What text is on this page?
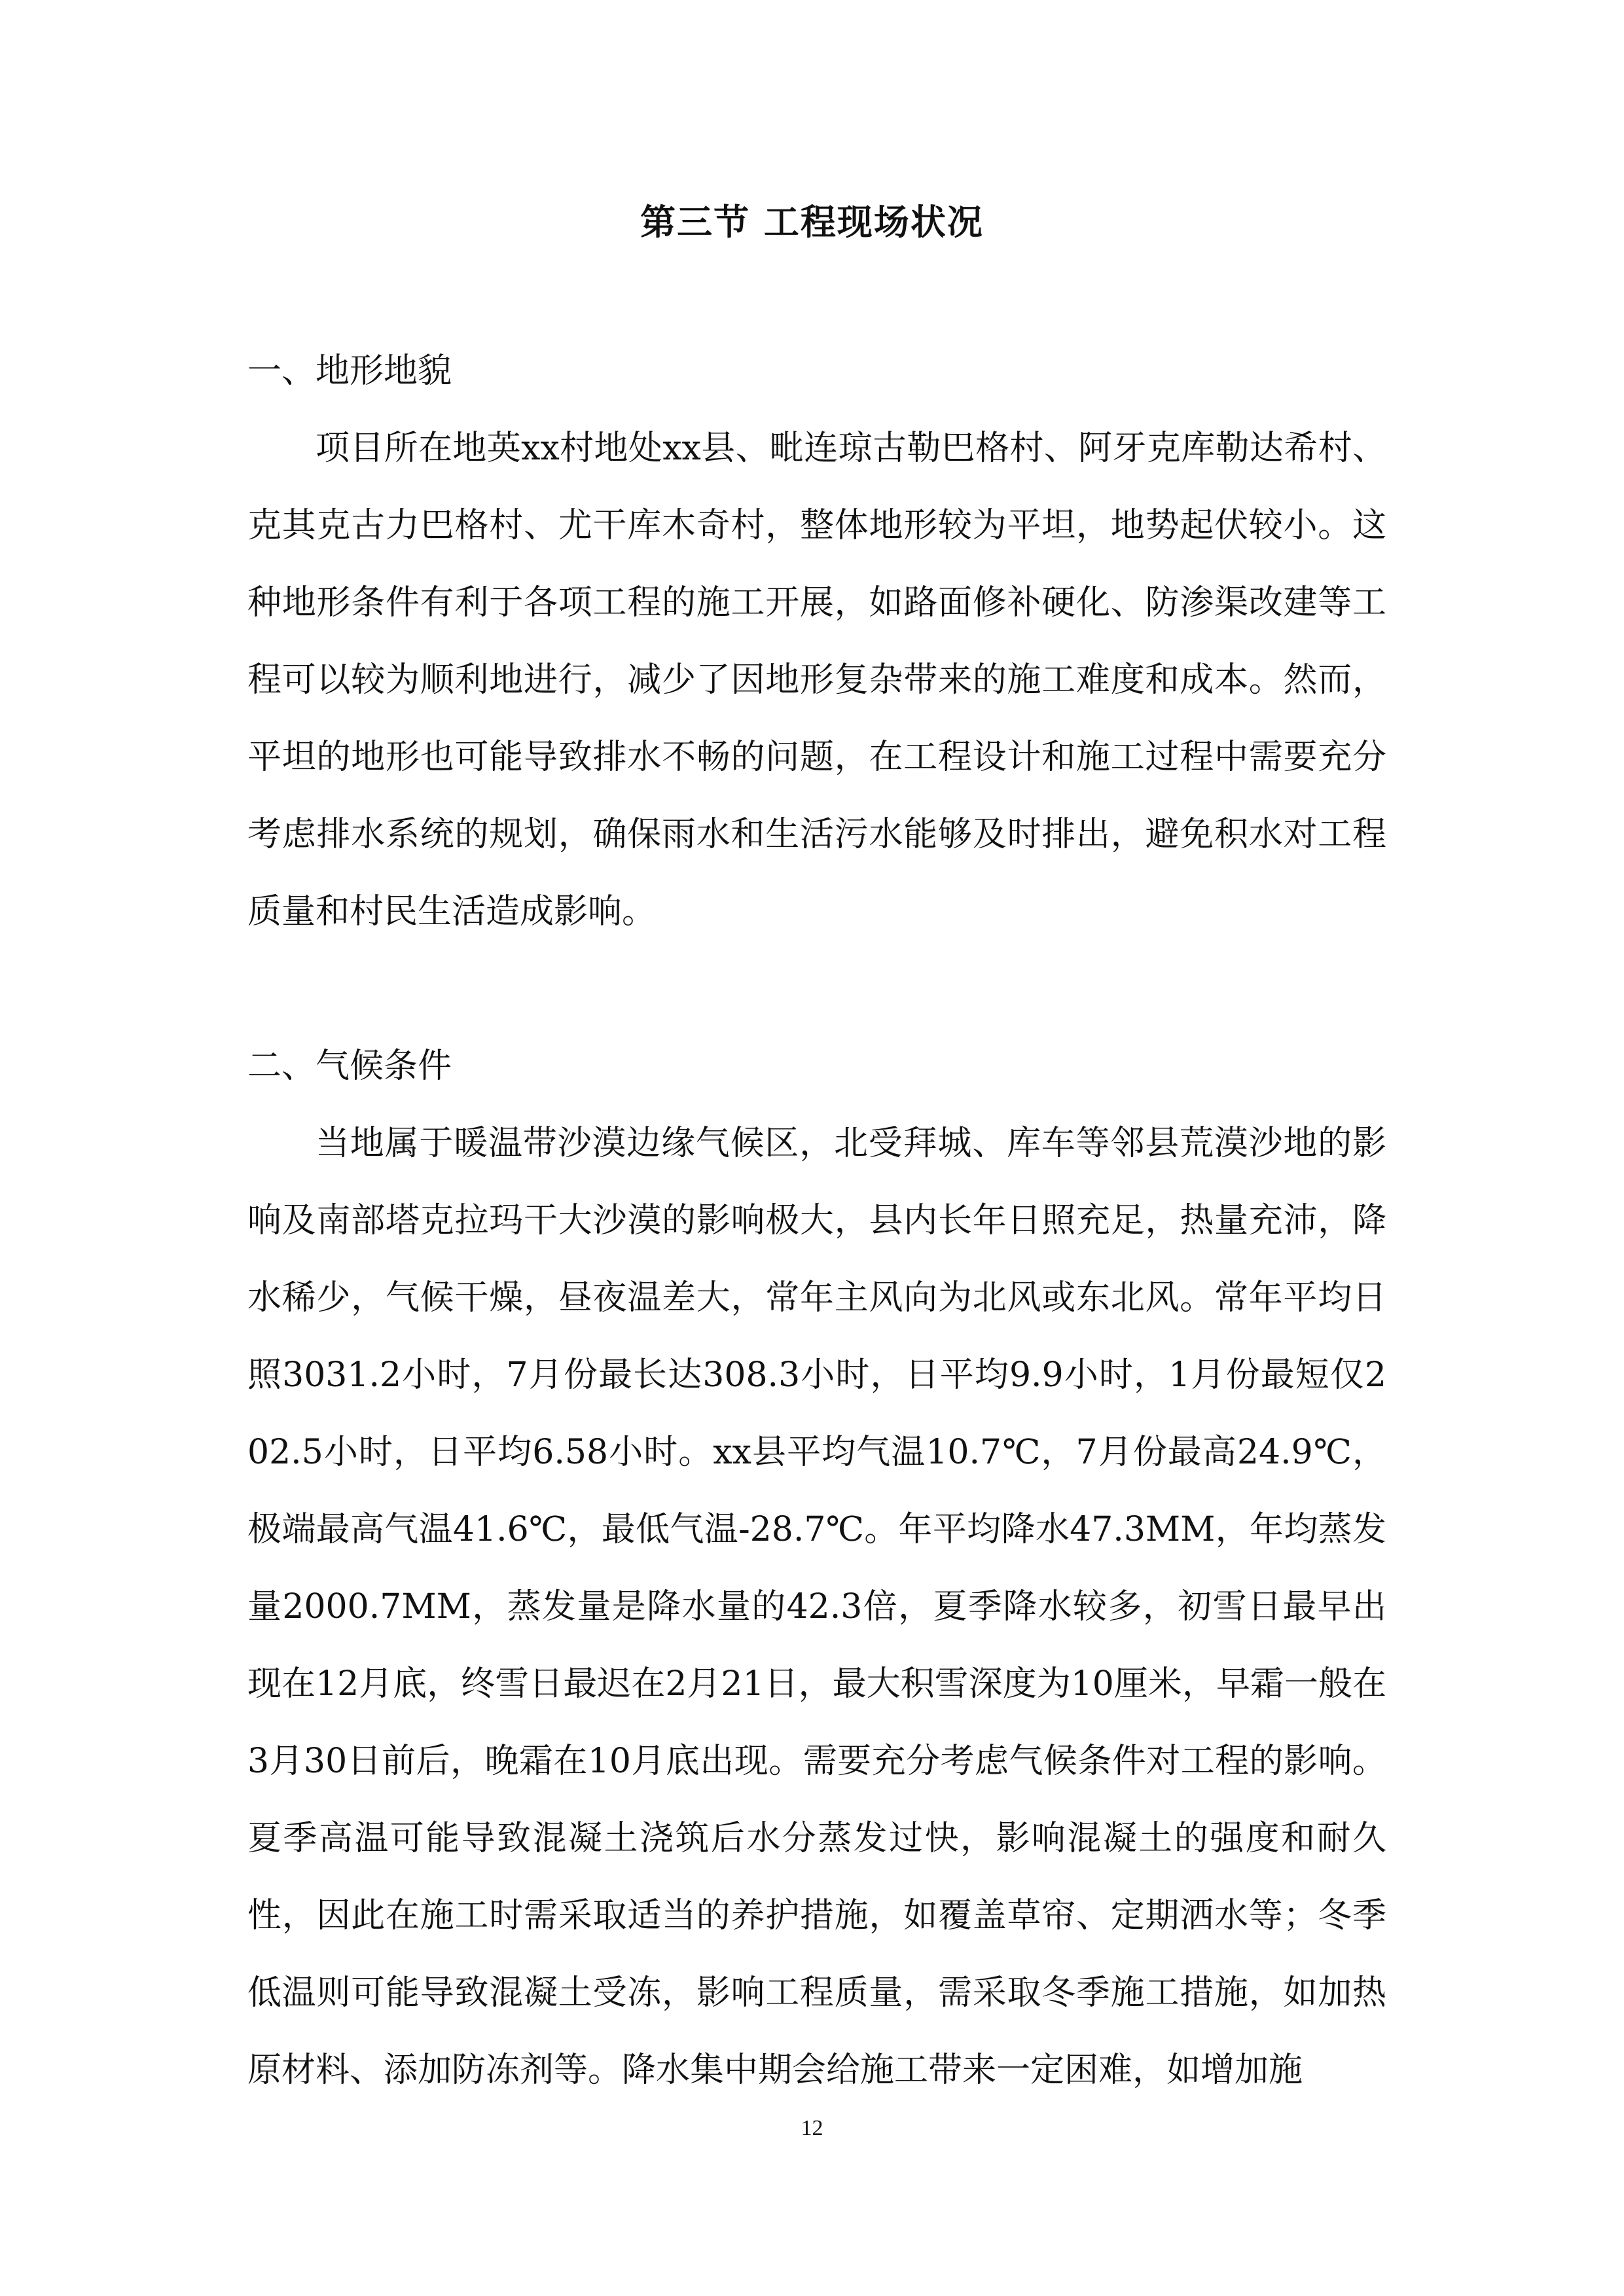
第三节 工程现场状况

一、地形地貌

项目所在地英xx村地处xx县、毗连琼古勒巴格村、阿牙克库勒达希村、克其克古力巴格村、尤干库木奇村，整体地形较为平坦，地势起伏较小。这种地形条件有利于各项工程的施工开展，如路面修补硬化、防渗渠改建等工程可以较为顺利地进行，减少了因地形复杂带来的施工难度和成本。然而，平坦的地形也可能导致排水不畅的问题，在工程设计和施工过程中需要充分考虑排水系统的规划，确保雨水和生活污水能够及时排出，避免积水对工程质量和村民生活造成影响。

二、气候条件

当地属于暖温带沙漠边缘气候区，北受拜城、库车等邻县荒漠沙地的影响及南部塔克拉玛干大沙漠的影响极大，县内长年日照充足，热量充沛，降水稀少，气候干燥，昼夜温差大，常年主风向为北风或东北风。常年平均日照3031.2小时，7月份最长达308.3小时，日平均9.9小时，1月份最短仅202.5小时，日平均6.58小时。xx县平均气温10.7℃，7月份最高24.9℃，极端最高气温41.6℃，最低气温-28.7℃。年平均降水47.3MM，年均蒸发量2000.7MM，蒸发量是降水量的42.3倍，夏季降水较多，初雪日最早出现在12月底，终雪日最迟在2月21日，最大积雪深度为10厘米，早霜一般在3月30日前后，晚霜在10月底出现。需要充分考虑气候条件对工程的影响。夏季高温可能导致混凝土浇筑后水分蒸发过快，影响混凝土的强度和耐久性，因此在施工时需采取适当的养护措施，如覆盖草帘、定期洒水等；冬季低温则可能导致混凝土受冻，影响工程质量，需采取冬季施工措施，如加热原材料、添加防冻剂等。降水集中期会给施工带来一定困难，如增加施

12
